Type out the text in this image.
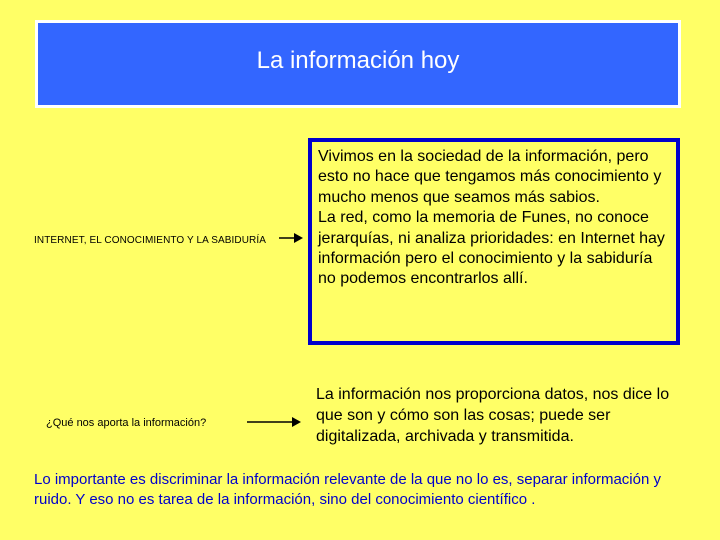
La información hoy
INTERNET, EL CONOCIMIENTO Y LA SABIDURÍA

Vivimos en la sociedad de la información, pero esto no hace que tengamos más conocimiento y mucho menos que seamos más sabios.

La red, como la memoria de Funes, no conoce jerarquías, ni analiza prioridades: en Internet hay información pero el conocimiento y la sabiduría no podemos encontrarlos allí.

¿Qué nos aporta la información?
La información nos proporciona datos, nos dice lo que son y cómo son las cosas; puede ser digitalizada, archivada y transmitida.
Lo importante es discriminar la información relevante de la que no lo es, separar información y ruido. Y eso no es tarea de la información, sino del conocimiento científico .
